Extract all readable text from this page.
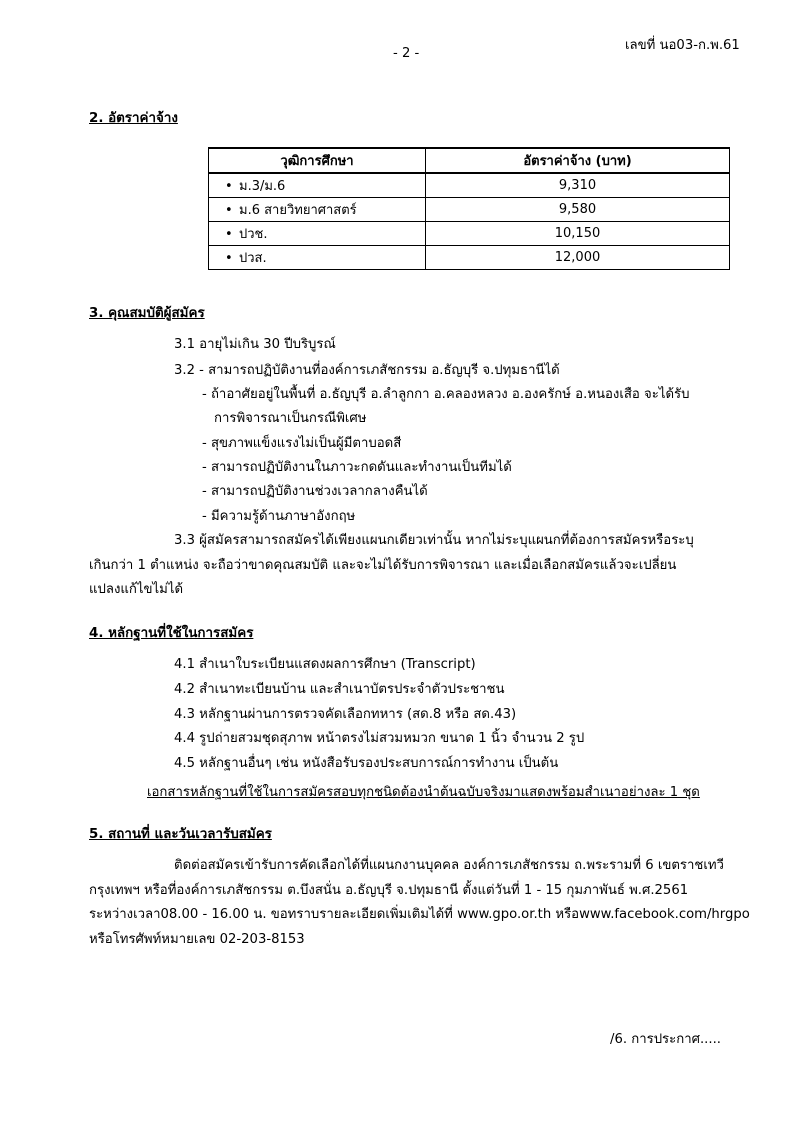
- 2 -
เลขที่ นอ03-ก.พ.61
2. อัตราค่าจ้าง
วุฒิการศึกษา	อัตราค่าจ้าง (บาท)
• ม.3/ม.6	9,310
• ม.6 สายวิทยาศาสตร์	9,580
• ปวช.	10,150
• ปวส.	12,000
3. คุณสมบัติผู้สมัคร
3.1 อายุไม่เกิน 30 ปีบริบูรณ์
3.2 - สามารถปฏิบัติงานที่องค์การเภสัชกรรม อ.ธัญบุรี จ.ปทุมธานีได้
- ถ้าอาศัยอยู่ในพื้นที่ อ.ธัญบุรี อ.ลำลูกกา อ.คลองหลวง อ.องครักษ์ อ.หนองเสือ จะได้รับ
การพิจารณาเป็นกรณีพิเศษ
- สุขภาพแข็งแรงไม่เป็นผู้มีตาบอดสี
- สามารถปฏิบัติงานในภาวะกดดันและทำงานเป็นทีมได้
- สามารถปฏิบัติงานช่วงเวลากลางคืนได้
- มีความรู้ด้านภาษาอังกฤษ
3.3 ผู้สมัครสามารถสมัครได้เพียงแผนกเดียวเท่านั้น หากไม่ระบุแผนกที่ต้องการสมัครหรือระบุ
เกินกว่า 1 ตำแหน่ง จะถือว่าขาดคุณสมบัติ และจะไม่ได้รับการพิจารณา และเมื่อเลือกสมัครแล้วจะเปลี่ยน
แปลงแก้ไขไม่ได้
4. หลักฐานที่ใช้ในการสมัคร
4.1 สำเนาใบระเบียนแสดงผลการศึกษา (Transcript)
4.2 สำเนาทะเบียนบ้าน และสำเนาบัตรประจำตัวประชาชน
4.3 หลักฐานผ่านการตรวจคัดเลือกทหาร (สด.8 หรือ สด.43)
4.4 รูปถ่ายสวมชุดสุภาพ หน้าตรงไม่สวมหมวก ขนาด 1 นิ้ว จำนวน 2 รูป
4.5 หลักฐานอื่นๆ เช่น หนังสือรับรองประสบการณ์การทำงาน เป็นต้น
เอกสารหลักฐานที่ใช้ในการสมัครสอบทุกชนิดต้องนำต้นฉบับจริงมาแสดงพร้อมสำเนาอย่างละ 1 ชุด
5. สถานที่ และวันเวลารับสมัคร
ติดต่อสมัครเข้ารับการคัดเลือกได้ที่แผนกงานบุคคล องค์การเภสัชกรรม ถ.พระรามที่ 6 เขตราชเทวี
กรุงเทพฯ หรือที่องค์การเภสัชกรรม ต.บึงสนั่น อ.ธัญบุรี จ.ปทุมธานี ตั้งแต่วันที่ 1 - 15 กุมภาพันธ์ พ.ศ.2561
ระหว่างเวลา08.00 - 16.00 น. ขอทราบรายละเอียดเพิ่มเติมได้ที่ www.gpo.or.th หรือwww.facebook.com/hrgpo
หรือโทรศัพท์หมายเลข 02-203-8153
/6. การประกาศ.....
